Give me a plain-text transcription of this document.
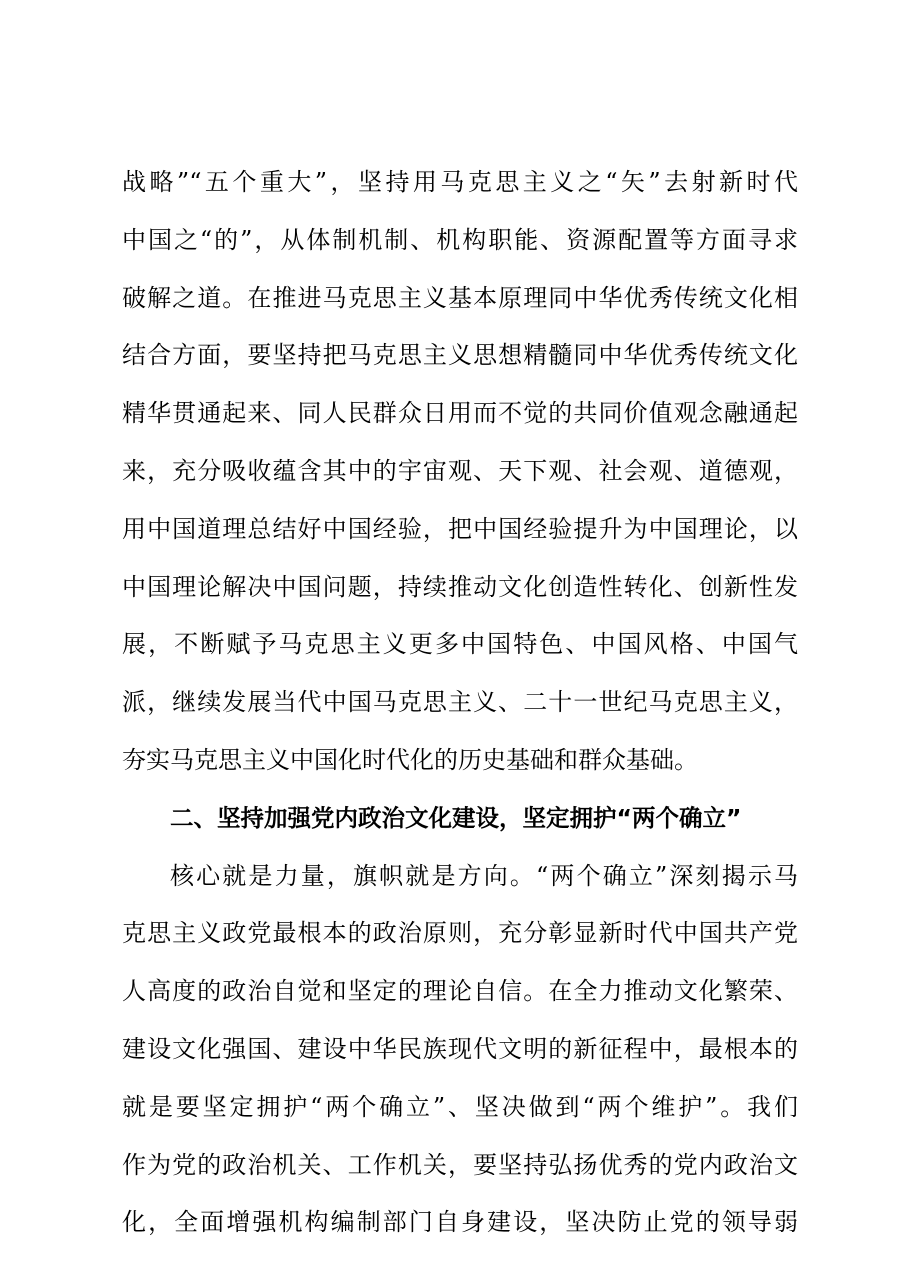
战略”“五个重大”，坚持用马克思主义之“矢”去射新时代
中国之“的”，从体制机制、机构职能、资源配置等方面寻求
破解之道。在推进马克思主义基本原理同中华优秀传统文化相
结合方面，要坚持把马克思主义思想精髓同中华优秀传统文化
精华贯通起来、同人民群众日用而不觉的共同价值观念融通起
来，充分吸收蕴含其中的宇宙观、天下观、社会观、道德观，
用中国道理总结好中国经验，把中国经验提升为中国理论，以
中国理论解决中国问题，持续推动文化创造性转化、创新性发
展，不断赋予马克思主义更多中国特色、中国风格、中国气
派，继续发展当代中国马克思主义、二十一世纪马克思主义，
夯实马克思主义中国化时代化的历史基础和群众基础。
二、坚持加强党内政治文化建设，坚定拥护“两个确立”
核心就是力量，旗帜就是方向。“两个确立”深刻揭示马
克思主义政党最根本的政治原则，充分彰显新时代中国共产党
人高度的政治自觉和坚定的理论自信。在全力推动文化繁荣、
建设文化强国、建设中华民族现代文明的新征程中，最根本的
就是要坚定拥护“两个确立”、坚决做到“两个维护”。我们
作为党的政治机关、工作机关，要坚持弘扬优秀的党内政治文
化，全面增强机构编制部门自身建设，坚决防止党的领导弱
